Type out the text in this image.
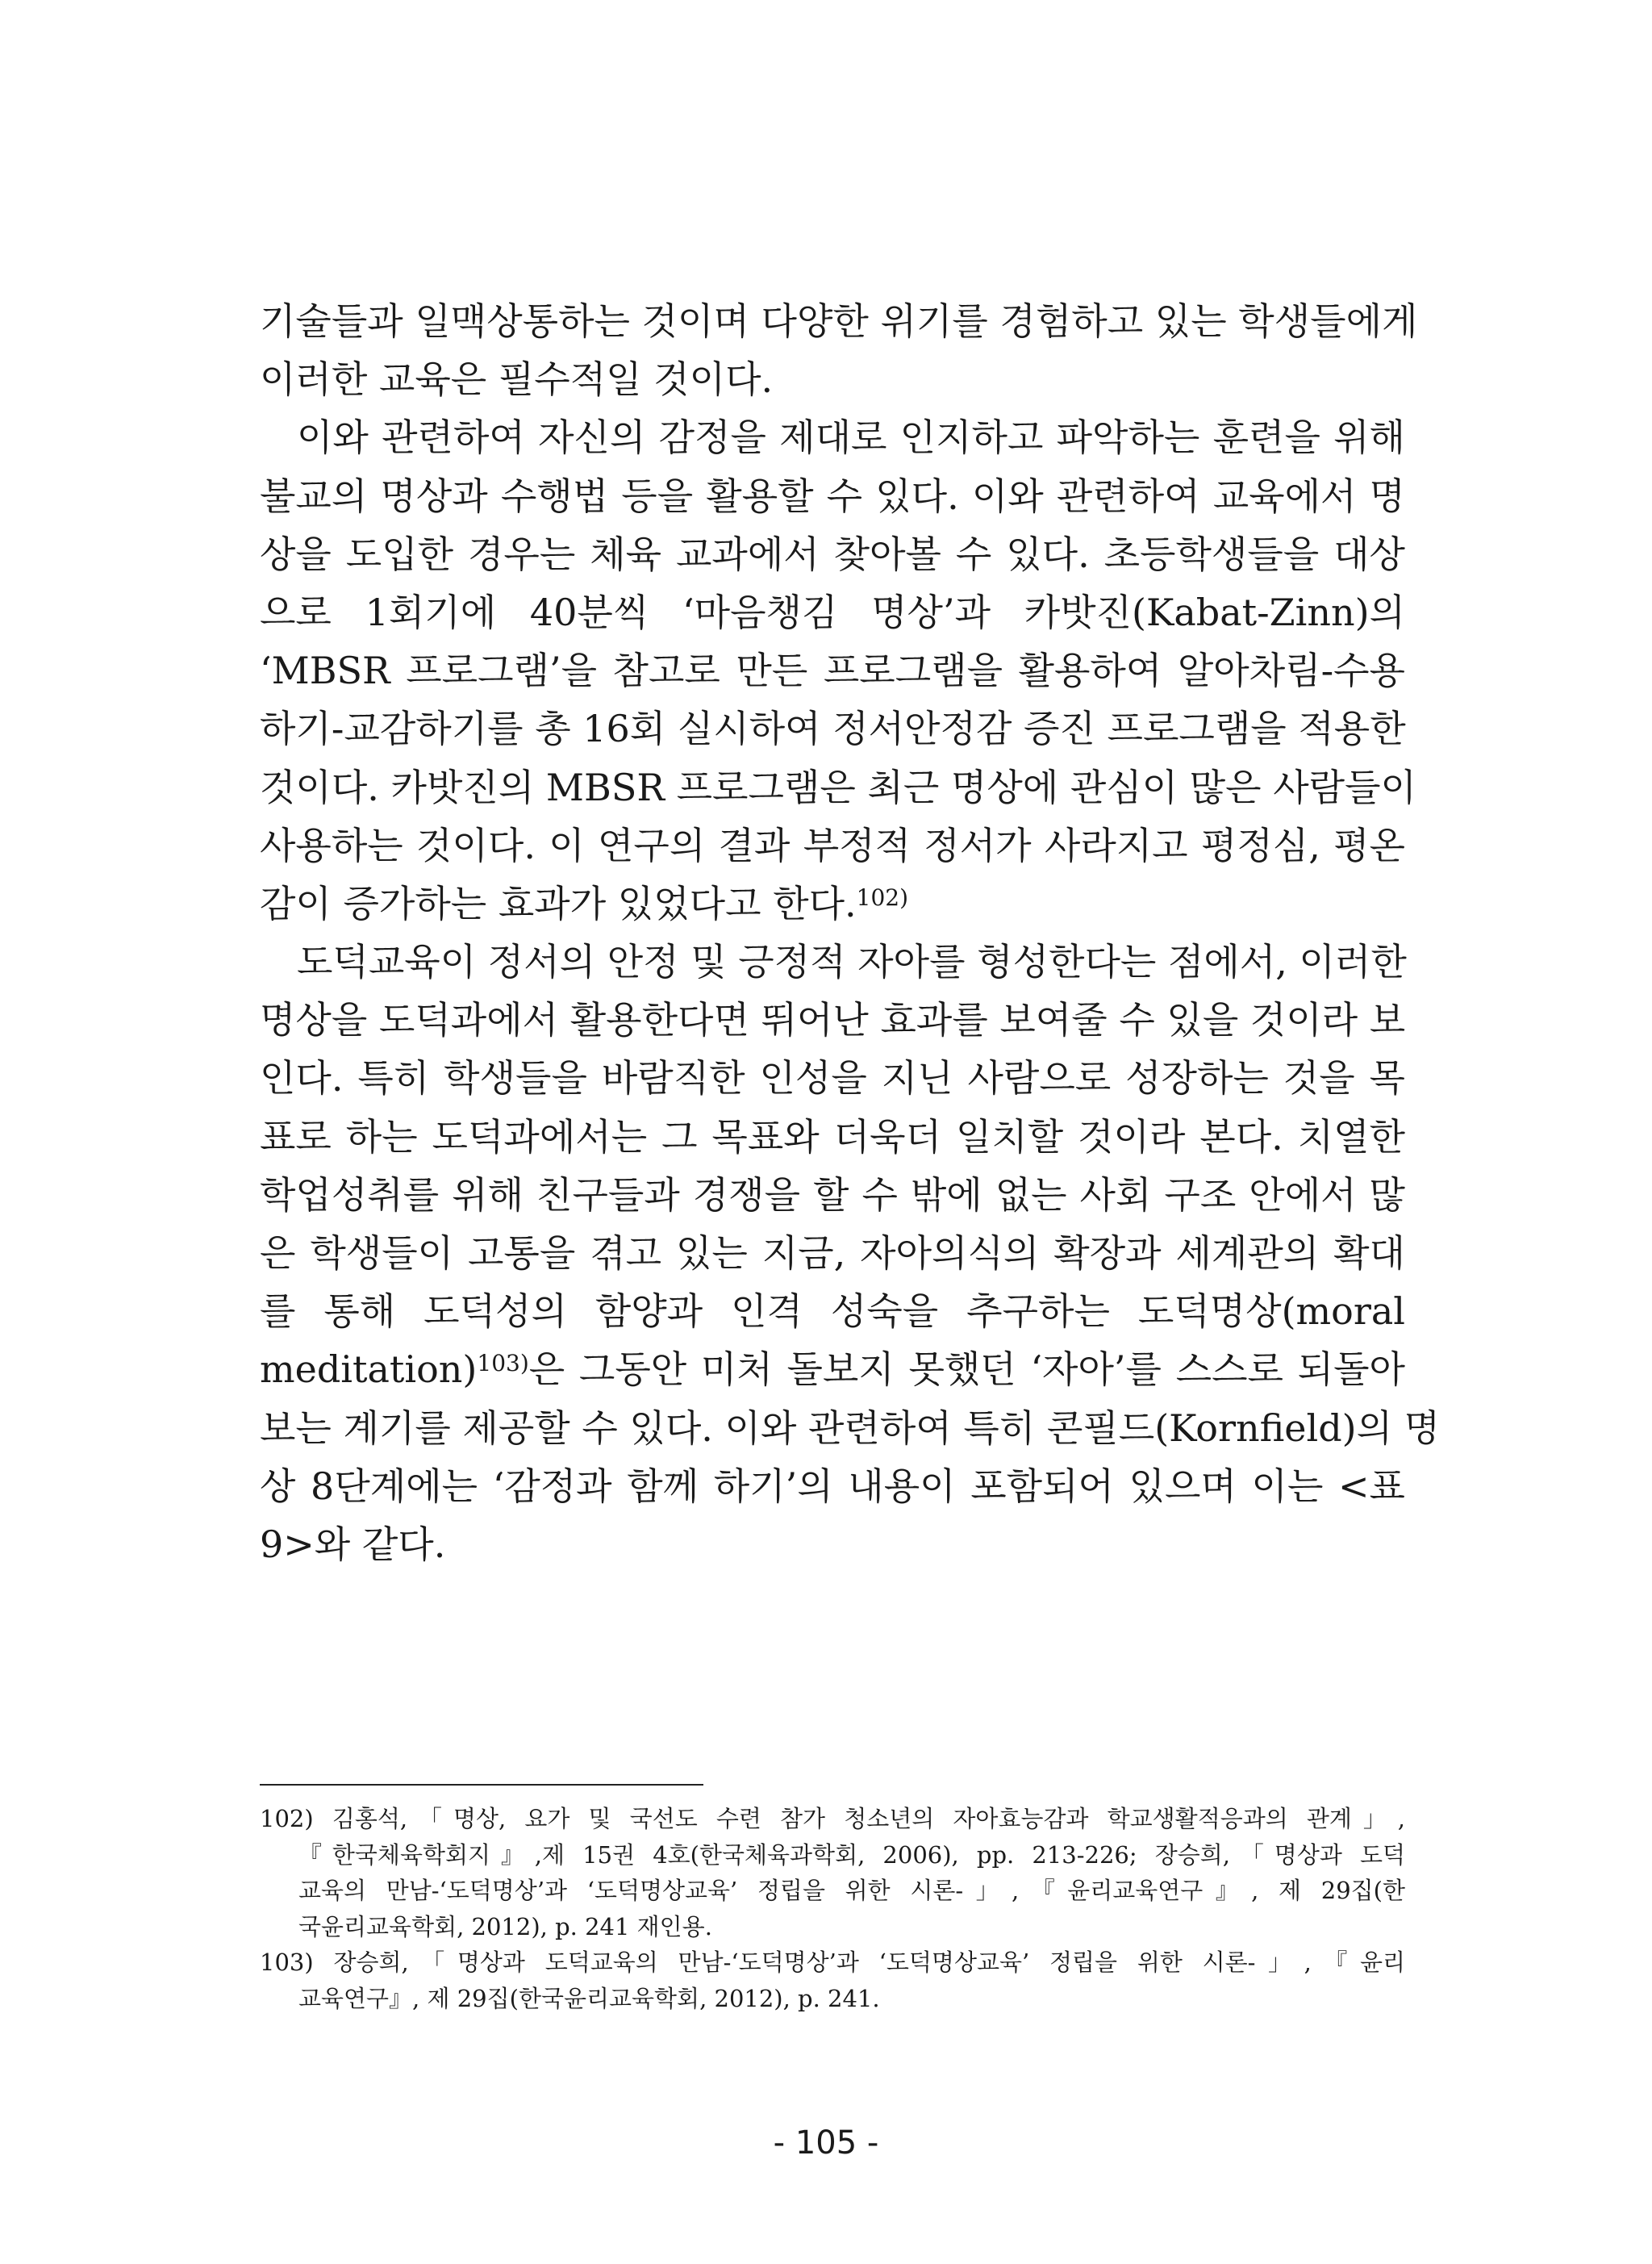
기술들과 일맥상통하는 것이며 다양한 위기를 경험하고 있는 학생들에게
이러한 교육은 필수적일 것이다.
이와 관련하여 자신의 감정을 제대로 인지하고 파악하는 훈련을 위해
불교의 명상과 수행법 등을 활용할 수 있다. 이와 관련하여 교육에서 명
상을 도입한 경우는 체육 교과에서 찾아볼 수 있다. 초등학생들을 대상
으로 1회기에 40분씩 ‘마음챙김 명상’과 카밧진(Kabat-Zinn)의
‘MBSR 프로그램’을 참고로 만든 프로그램을 활용하여 알아차림-수용
하기-교감하기를 총 16회 실시하여 정서안정감 증진 프로그램을 적용한
것이다. 카밧진의 MBSR 프로그램은 최근 명상에 관심이 많은 사람들이
사용하는 것이다. 이 연구의 결과 부정적 정서가 사라지고 평정심, 평온
감이 증가하는 효과가 있었다고 한다.$^{102)}$
도덕교육이 정서의 안정 및 긍정적 자아를 형성한다는 점에서, 이러한
명상을 도덕과에서 활용한다면 뛰어난 효과를 보여줄 수 있을 것이라 보
인다. 특히 학생들을 바람직한 인성을 지닌 사람으로 성장하는 것을 목
표로 하는 도덕과에서는 그 목표와 더욱더 일치할 것이라 본다. 치열한
학업성취를 위해 친구들과 경쟁을 할 수 밖에 없는 사회 구조 안에서 많
은 학생들이 고통을 겪고 있는 지금, 자아의식의 확장과 세계관의 확대
를 통해 도덕성의 함양과 인격 성숙을 추구하는 도덕명상(moral
meditation)$^{103)}$은 그동안 미처 돌보지 못했던 ‘자아’를 스스로 되돌아
보는 계기를 제공할 수 있다. 이와 관련하여 특히 콘필드(Kornfield)의 명
상 8단계에는 ‘감정과 함께 하기’의 내용이 포함되어 있으며 이는 <표
9>와 같다.
102) 김홍석,「명상, 요가 및 국선도 수련 참가 청소년의 자아효능감과 학교생활적응과의 관계」,
『한국체육학회지』,제 15권 4호(한국체육과학회, 2006), pp. 213-226; 장승희,「명상과 도덕
교육의 만남-‘도덕명상’과 ‘도덕명상교육’ 정립을 위한 시론-」,『윤리교육연구』, 제 29집(한
국윤리교육학회, 2012), p. 241 재인용.
103) 장승희,「명상과 도덕교육의 만남-‘도덕명상’과 ‘도덕명상교육’ 정립을 위한 시론-」,『윤리
교육연구』, 제 29집(한국윤리교육학회, 2012), p. 241.
- 105 -
